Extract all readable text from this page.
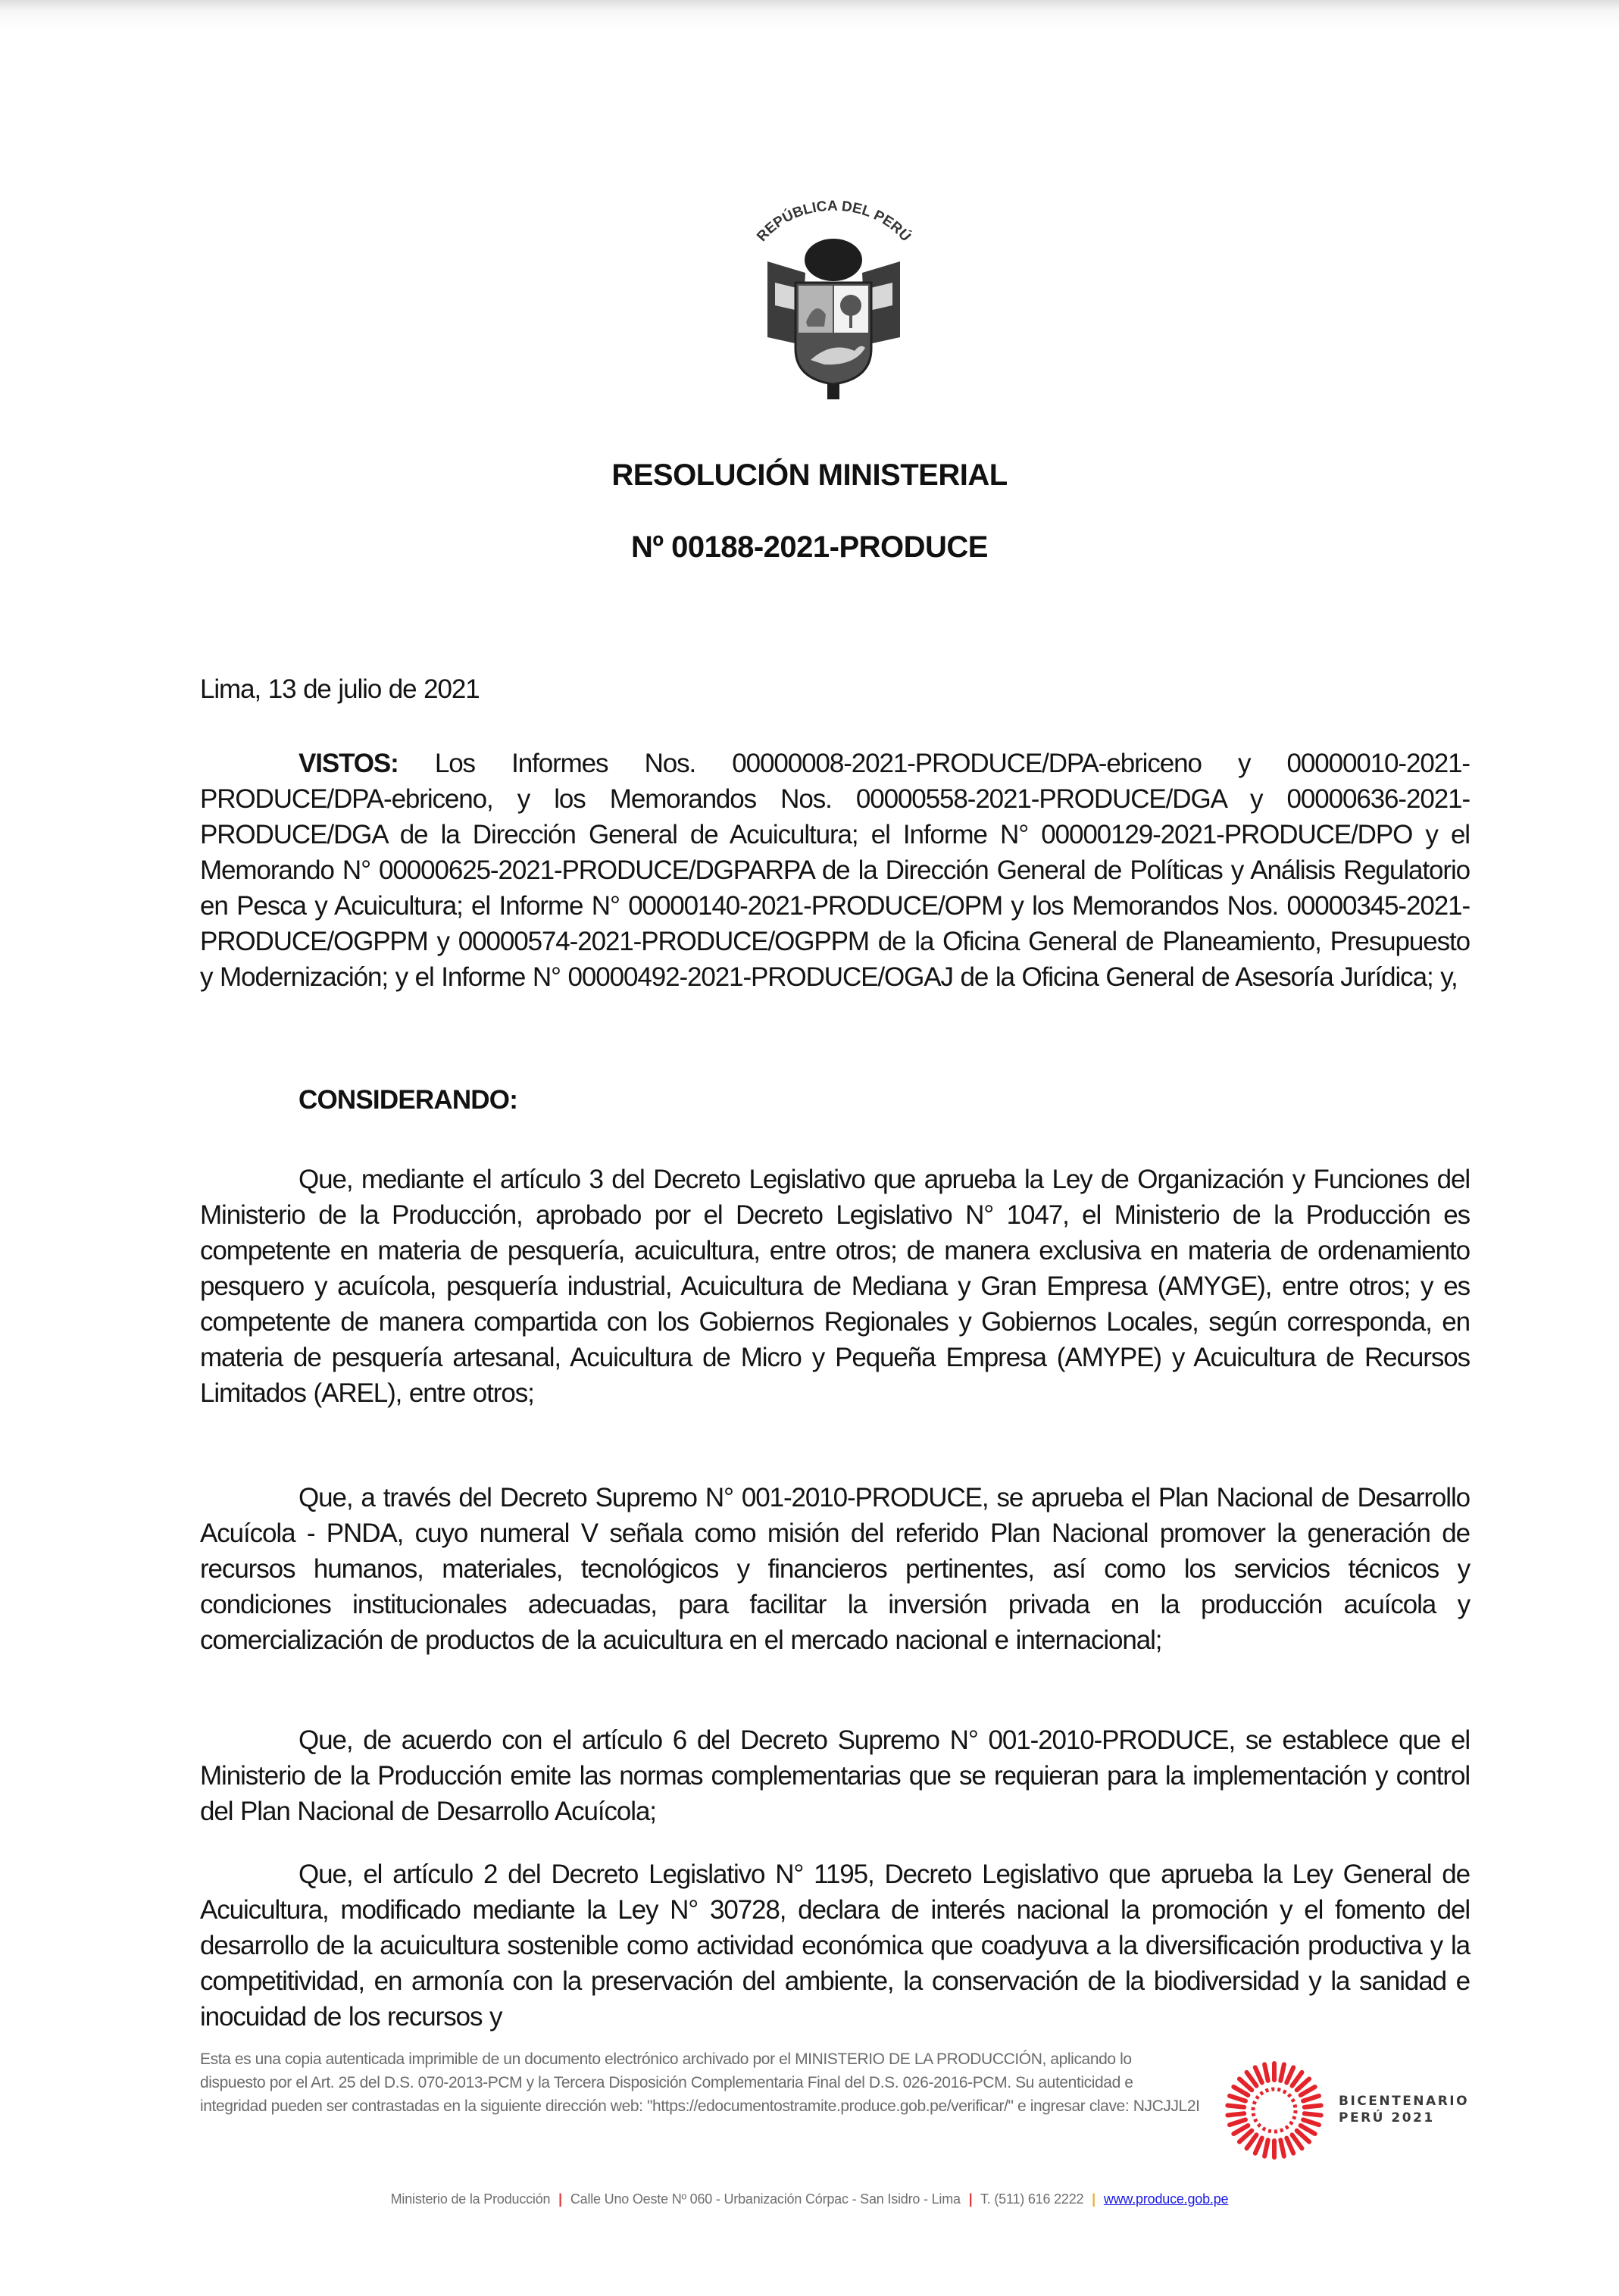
REPÚBLICA DEL PERÚ
RESOLUCIÓN MINISTERIAL
Nº 00188-2021-PRODUCE
Lima, 13 de julio de 2021

VISTOS: Los Informes Nos. 00000008-2021-PRODUCE/DPA-ebriceno y 00000010-2021-PRODUCE/DPA-ebriceno, y los Memorandos Nos. 00000558-2021-PRODUCE/DGA y 00000636-2021-PRODUCE/DGA de la Dirección General de Acuicultura; el Informe N° 00000129-2021-PRODUCE/DPO y el Memorando N° 00000625-2021-PRODUCE/DGPARPA de la Dirección General de Políticas y Análisis Regulatorio en Pesca y Acuicultura; el Informe N° 00000140-2021-PRODUCE/OPM y los Memorandos Nos. 00000345-2021-PRODUCE/OGPPM y 00000574-2021-PRODUCE/OGPPM de la Oficina General de Planeamiento, Presupuesto y Modernización; y el Informe N° 00000492-2021-PRODUCE/OGAJ de la Oficina General de Asesoría Jurídica; y,

CONSIDERANDO:

Que, mediante el artículo 3 del Decreto Legislativo que aprueba la Ley de Organización y Funciones del Ministerio de la Producción, aprobado por el Decreto Legislativo N° 1047, el Ministerio de la Producción es competente en materia de pesquería, acuicultura, entre otros; de manera exclusiva en materia de ordenamiento pesquero y acuícola, pesquería industrial, Acuicultura de Mediana y Gran Empresa (AMYGE), entre otros; y es competente de manera compartida con los Gobiernos Regionales y Gobiernos Locales, según corresponda, en materia de pesquería artesanal, Acuicultura de Micro y Pequeña Empresa (AMYPE) y Acuicultura de Recursos Limitados (AREL), entre otros;

Que, a través del Decreto Supremo N° 001-2010-PRODUCE, se aprueba el Plan Nacional de Desarrollo Acuícola - PNDA, cuyo numeral V señala como misión del referido Plan Nacional promover la generación de recursos humanos, materiales, tecnológicos y financieros pertinentes, así como los servicios técnicos y condiciones institucionales adecuadas, para facilitar la inversión privada en la producción acuícola y comercialización de productos de la acuicultura en el mercado nacional e internacional;

Que, de acuerdo con el artículo 6 del Decreto Supremo N° 001-2010-PRODUCE, se establece que el Ministerio de la Producción emite las normas complementarias que se requieran para la implementación y control del Plan Nacional de Desarrollo Acuícola;

Que, el artículo 2 del Decreto Legislativo N° 1195, Decreto Legislativo que aprueba la Ley General de Acuicultura, modificado mediante la Ley N° 30728, declara de interés nacional la promoción y el fomento del desarrollo de la acuicultura sostenible como actividad económica que coadyuva a la diversificación productiva y la competitividad, en armonía con la preservación del ambiente, la conservación de la biodiversidad y la sanidad e inocuidad de los recursos y

Esta es una copia autenticada imprimible de un documento electrónico archivado por el MINISTERIO DE LA PRODUCCIÓN, aplicando lo dispuesto por el Art. 25 del D.S. 070-2013-PCM y la Tercera Disposición Complementaria Final del D.S. 026-2016-PCM. Su autenticidad e integridad pueden ser contrastadas en la siguiente dirección web: "https://edocumentostramite.produce.gob.pe/verificar/" e ingresar clave: NJCJJL2I	BICENTENARIO
PERÚ 2021
Ministerio de la Producción | Calle Uno Oeste Nº 060 - Urbanización Córpac - San Isidro - Lima | T. (511) 616 2222 | www.produce.gob.pe
